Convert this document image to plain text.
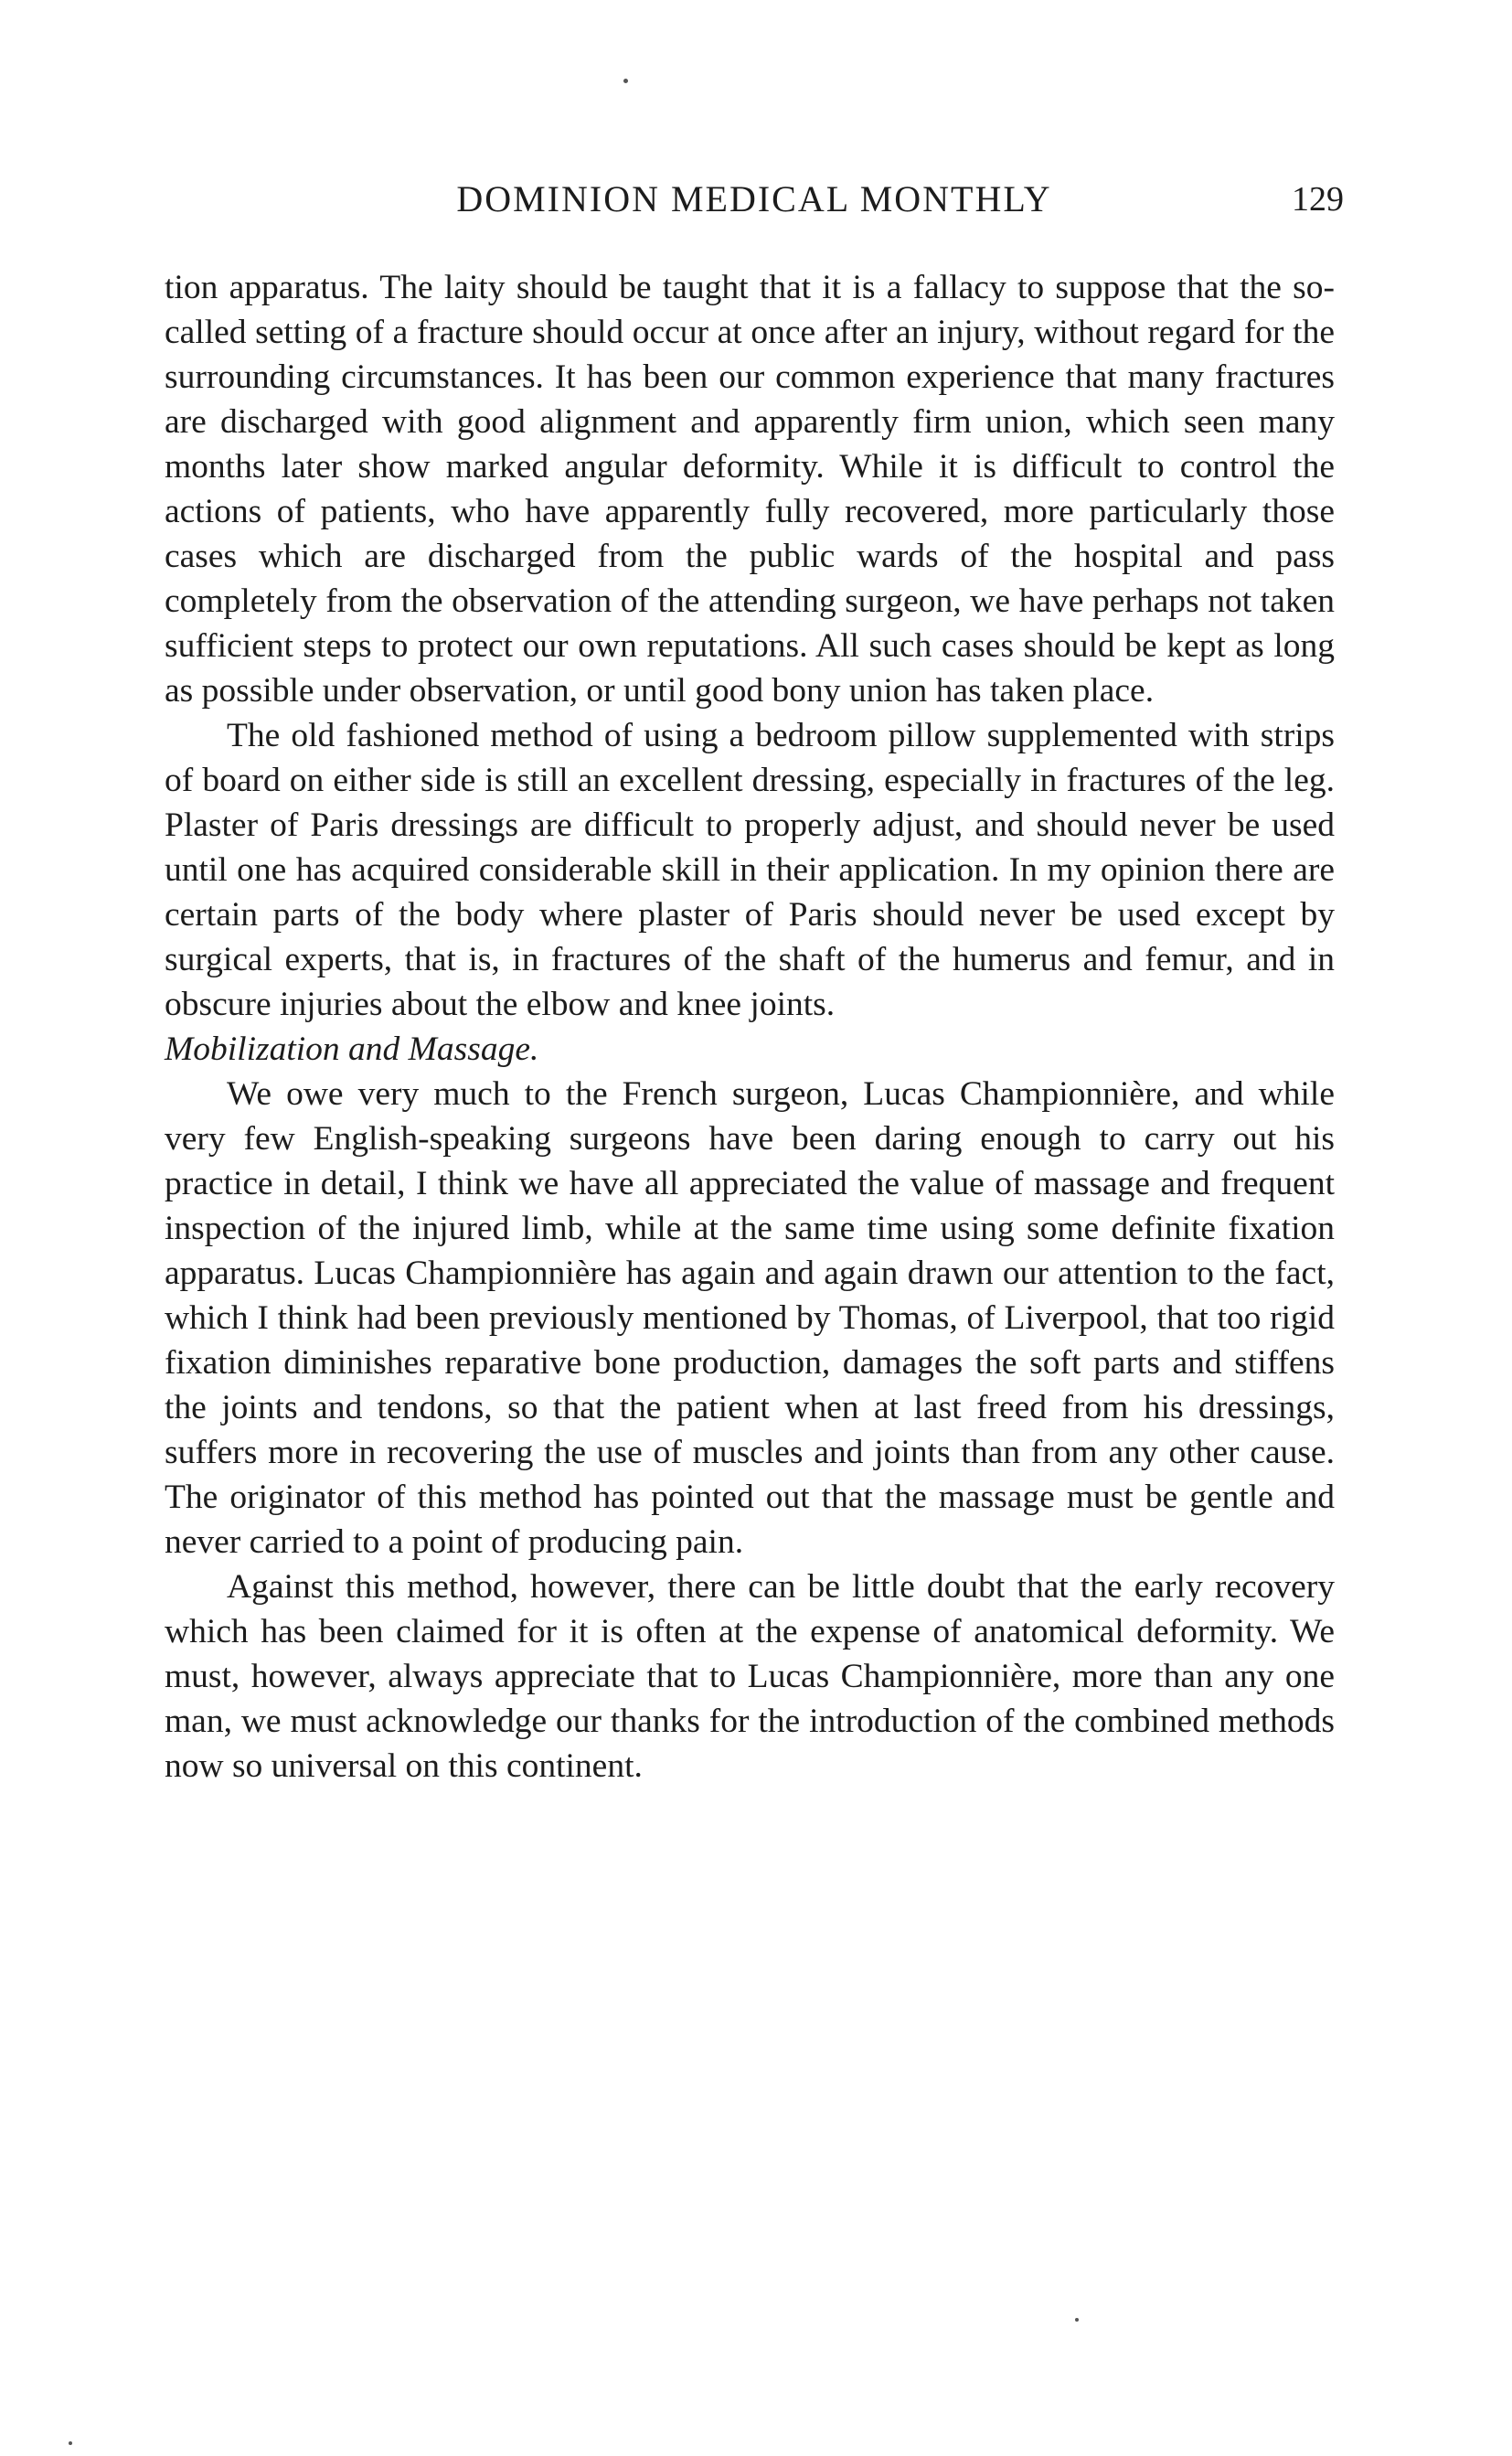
DOMINION MEDICAL MONTHLY	129

tion apparatus. The laity should be taught that it is a fallacy to suppose that the so-called setting of a fracture should occur at once after an injury, without regard for the surrounding circumstances. It has been our common experience that many fractures are discharged with good alignment and apparently firm union, which seen many months later show marked angular deformity. While it is difficult to control the actions of patients, who have apparently fully recovered, more particularly those cases which are discharged from the public wards of the hospital and pass completely from the observation of the attending surgeon, we have perhaps not taken sufficient steps to protect our own reputations. All such cases should be kept as long as possible under observation, or until good bony union has taken place.

The old fashioned method of using a bedroom pillow supplemented with strips of board on either side is still an excellent dressing, especially in fractures of the leg. Plaster of Paris dressings are difficult to properly adjust, and should never be used until one has acquired considerable skill in their application. In my opinion there are certain parts of the body where plaster of Paris should never be used except by surgical experts, that is, in fractures of the shaft of the humerus and femur, and in obscure injuries about the elbow and knee joints.

Mobilization and Massage.

We owe very much to the French surgeon, Lucas Championnière, and while very few English-speaking surgeons have been daring enough to carry out his practice in detail, I think we have all appreciated the value of massage and frequent inspection of the injured limb, while at the same time using some definite fixation apparatus. Lucas Championnière has again and again drawn our attention to the fact, which I think had been previously mentioned by Thomas, of Liverpool, that too rigid fixation diminishes reparative bone production, damages the soft parts and stiffens the joints and tendons, so that the patient when at last freed from his dressings, suffers more in recovering the use of muscles and joints than from any other cause. The originator of this method has pointed out that the massage must be gentle and never carried to a point of producing pain.

Against this method, however, there can be little doubt that the early recovery which has been claimed for it is often at the expense of anatomical deformity. We must, however, always appreciate that to Lucas Championnière, more than any one man, we must acknowledge our thanks for the introduction of the combined methods now so universal on this continent.
